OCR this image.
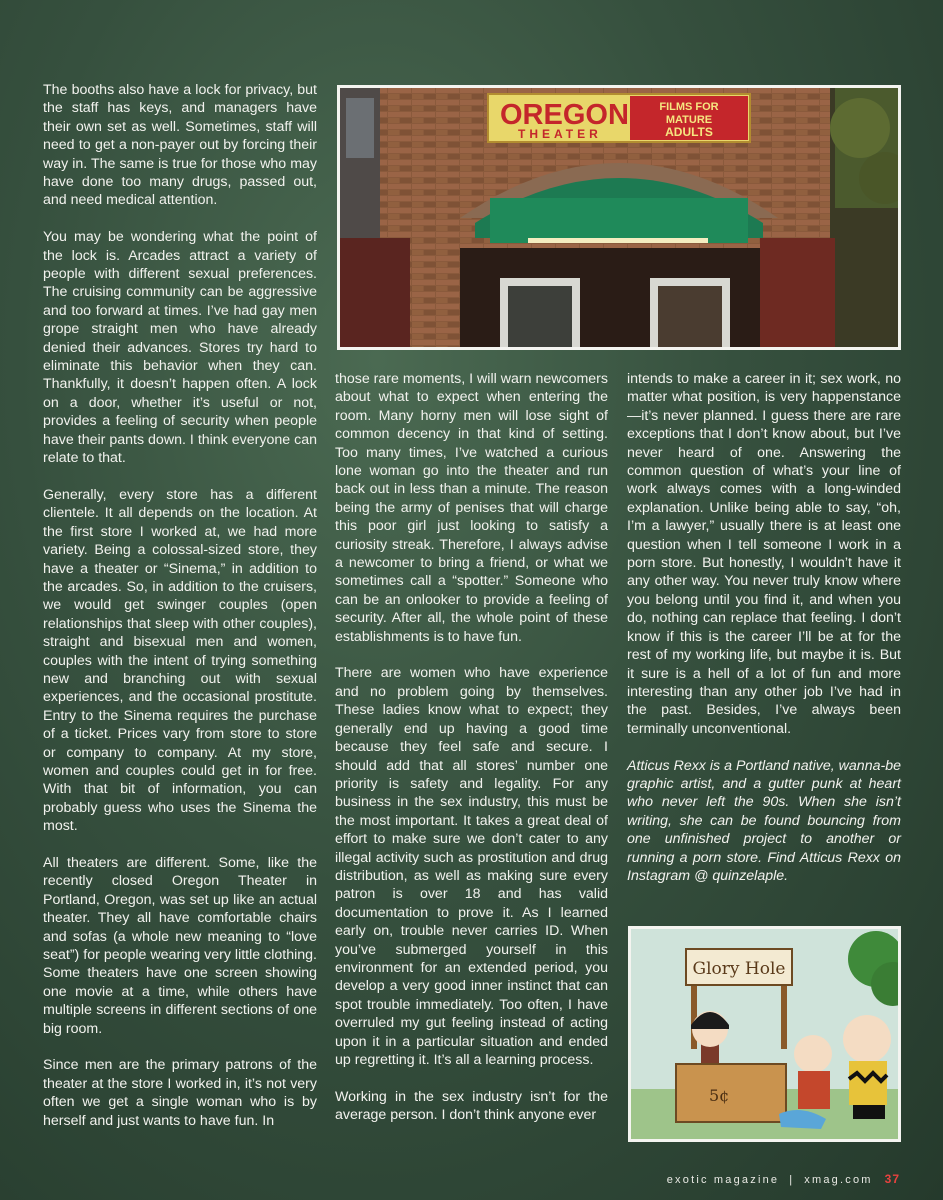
The booths also have a lock for privacy, but the staff has keys, and managers have their own set as well. Sometimes, staff will need to get a non-payer out by forcing their way in. The same is true for those who may have done too many drugs, passed out, and need medical attention.

You may be wondering what the point of the lock is. Arcades attract a variety of people with different sexual preferences. The cruising community can be aggressive and too forward at times. I’ve had gay men grope straight men who have already denied their advances. Stores try hard to eliminate this behavior when they can. Thankfully, it doesn’t happen often. A lock on a door, whether it’s useful or not, provides a feeling of security when people have their pants down. I think everyone can relate to that.

Generally, every store has a different clientele. It all depends on the location. At the first store I worked at, we had more variety. Being a colossal-sized store, they have a theater or “Sinema,” in addition to the arcades. So, in addition to the cruisers, we would get swinger couples (open relationships that sleep with other couples), straight and bisexual men and women, couples with the intent of trying something new and branching out with sexual experiences, and the occasional prostitute. Entry to the Sinema requires the purchase of a ticket. Prices vary from store to store or company to company. At my store, women and couples could get in for free. With that bit of information, you can probably guess who uses the Sinema the most.

All theaters are different. Some, like the recently closed Oregon Theater in Portland, Oregon, was set up like an actual theater. They all have comfortable chairs and sofas (a whole new meaning to “love seat”) for people wearing very little clothing. Some theaters have one screen showing one movie at a time, while others have multiple screens in different sections of one big room.

Since men are the primary patrons of the theater at the store I worked in, it’s not very often we get a single woman who is by herself and just wants to have fun. In

OREGON
THEATER
FILMS FOR
MATURE
ADULTS

those rare moments, I will warn newcomers about what to expect when entering the room. Many horny men will lose sight of common decency in that kind of setting. Too many times, I’ve watched a curious lone woman go into the theater and run back out in less than a minute. The reason being the army of penises that will charge this poor girl just looking to satisfy a curiosity streak. Therefore, I always advise a newcomer to bring a friend, or what we sometimes call a “spotter.” Someone who can be an onlooker to provide a feeling of security. After all, the whole point of these establishments is to have fun.

There are women who have experience and no problem going by themselves. These ladies know what to expect; they generally end up having a good time because they feel safe and secure. I should add that all stores’ number one priority is safety and legality. For any business in the sex industry, this must be the most important. It takes a great deal of effort to make sure we don’t cater to any illegal activity such as prostitution and drug distribution, as well as making sure every patron is over 18 and has valid documentation to prove it. As I learned early on, trouble never carries ID. When you’ve submerged yourself in this environment for an extended period, you develop a very good inner instinct that can spot trouble immediately. Too often, I have overruled my gut feeling instead of acting upon it in a particular situation and ended up regretting it. It’s all a learning process.

Working in the sex industry isn’t for the average person. I don’t think anyone ever

intends to make a career in it; sex work, no matter what position, is very happenstance—it’s never planned. I guess there are rare exceptions that I don’t know about, but I’ve never heard of one. Answering the common question of what’s your line of work always comes with a long-winded explanation. Unlike being able to say, “oh, I’m a lawyer,” usually there is at least one question when I tell someone I work in a porn store. But honestly, I wouldn’t have it any other way. You never truly know where you belong until you find it, and when you do, nothing can replace that feeling. I don’t know if this is the career I’ll be at for the rest of my working life, but maybe it is. But it sure is a hell of a lot of fun and more interesting than any other job I’ve had in the past. Besides, I’ve always been terminally unconventional.

Atticus Rexx is a Portland native, wanna-be graphic artist, and a gutter punk at heart who never left the 90s. When she isn’t writing, she can be found bouncing from one unfinished project to another or running a porn store. Find Atticus Rexx on Instagram @ quinzelaple.

Glory Hole
5¢
exotic magazine | xmag.com 37
